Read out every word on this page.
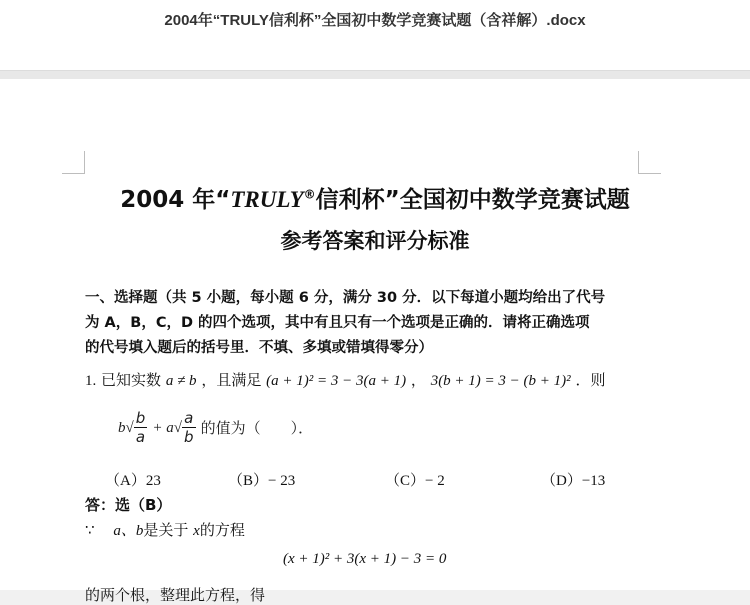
2004年“TRULY信利杯”全国初中数学竞赛试题（含祥解）.docx
2004 年“TRULY®信利杯”全国初中数学竞赛试题
参考答案和评分标准
一、选择题（共 5 小题，每小题 6 分，满分 30 分．以下每道小题均给出了代号
为 A，B，C，D 的四个选项，其中有且只有一个选项是正确的．请将正确选项
的代号填入题后的括号里．不填、多填或错填得零分）
1. 已知实数 a ≠ b ，且满足 (a + 1)² = 3 − 3(a + 1) ， 3(b + 1) = 3 − (b + 1)² ．则
$b√ \frac{b}{a} + a√ \frac{a}{b}$ 的值为（　　）．
（A）23	（B）− 23	（C）− 2	（D）−13
答：选（B）
∵ a、b是关于 x的方程
(x + 1)² + 3(x + 1) − 3 = 0
的两个根，整理此方程，得
